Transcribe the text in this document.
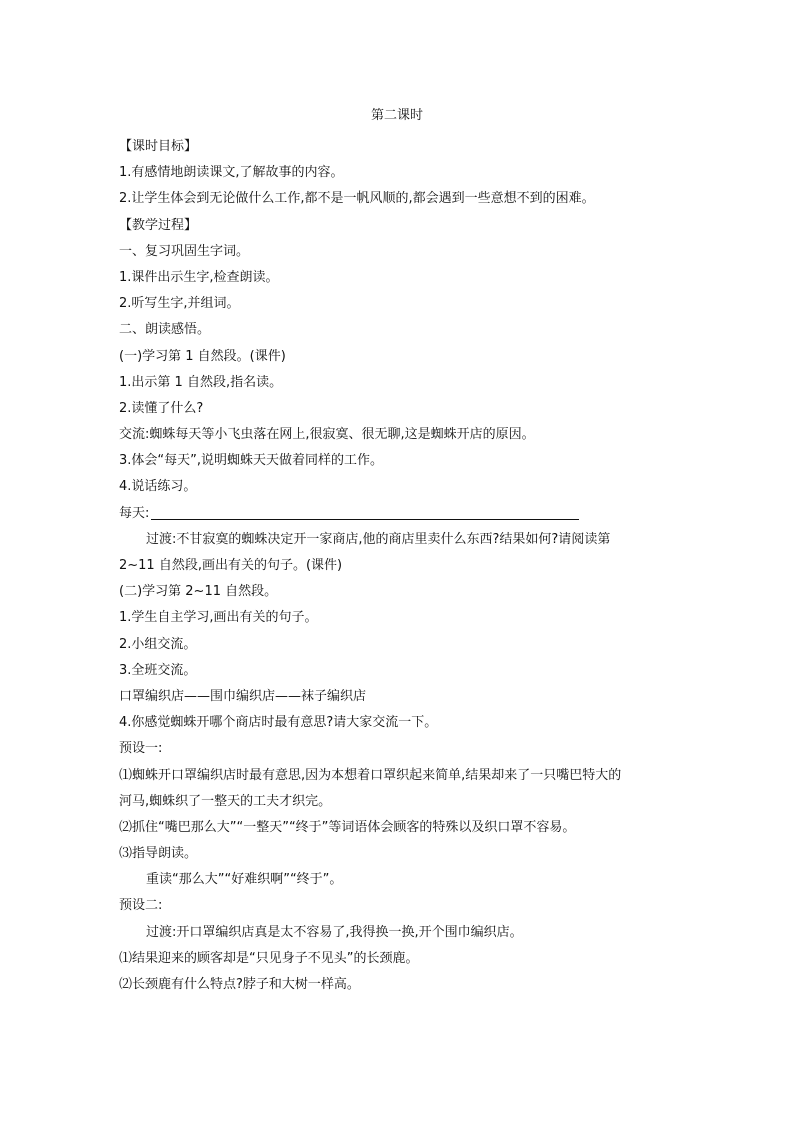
第二课时
【课时目标】
1.有感情地朗读课文,了解故事的内容。
2.让学生体会到无论做什么工作,都不是一帆风顺的,都会遇到一些意想不到的困难。
【教学过程】
一、复习巩固生字词。
1.课件出示生字,检查朗读。
2.听写生字,并组词。
二、朗读感悟。
(一)学习第 1 自然段。(课件)
1.出示第 1 自然段,指名读。
2.读懂了什么?
交流:蜘蛛每天等小飞虫落在网上,很寂寞、很无聊,这是蜘蛛开店的原因。
3.体会“每天”,说明蜘蛛天天做着同样的工作。
4.说话练习。
每天:
过渡:不甘寂寞的蜘蛛决定开一家商店,他的商店里卖什么东西?结果如何?请阅读第
2~11 自然段,画出有关的句子。(课件)
(二)学习第 2~11 自然段。
1.学生自主学习,画出有关的句子。
2.小组交流。
3.全班交流。
口罩编织店——围巾编织店——袜子编织店
4.你感觉蜘蛛开哪个商店时最有意思?请大家交流一下。
预设一:
⑴蜘蛛开口罩编织店时最有意思,因为本想着口罩织起来简单,结果却来了一只嘴巴特大的
河马,蜘蛛织了一整天的工夫才织完。
⑵抓住“嘴巴那么大”“一整天”“终于”等词语体会顾客的特殊以及织口罩不容易。
⑶指导朗读。
重读“那么大”“好难织啊”“终于”。
预设二:
过渡:开口罩编织店真是太不容易了,我得换一换,开个围巾编织店。
⑴结果迎来的顾客却是“只见身子不见头”的长颈鹿。
⑵长颈鹿有什么特点?脖子和大树一样高。
